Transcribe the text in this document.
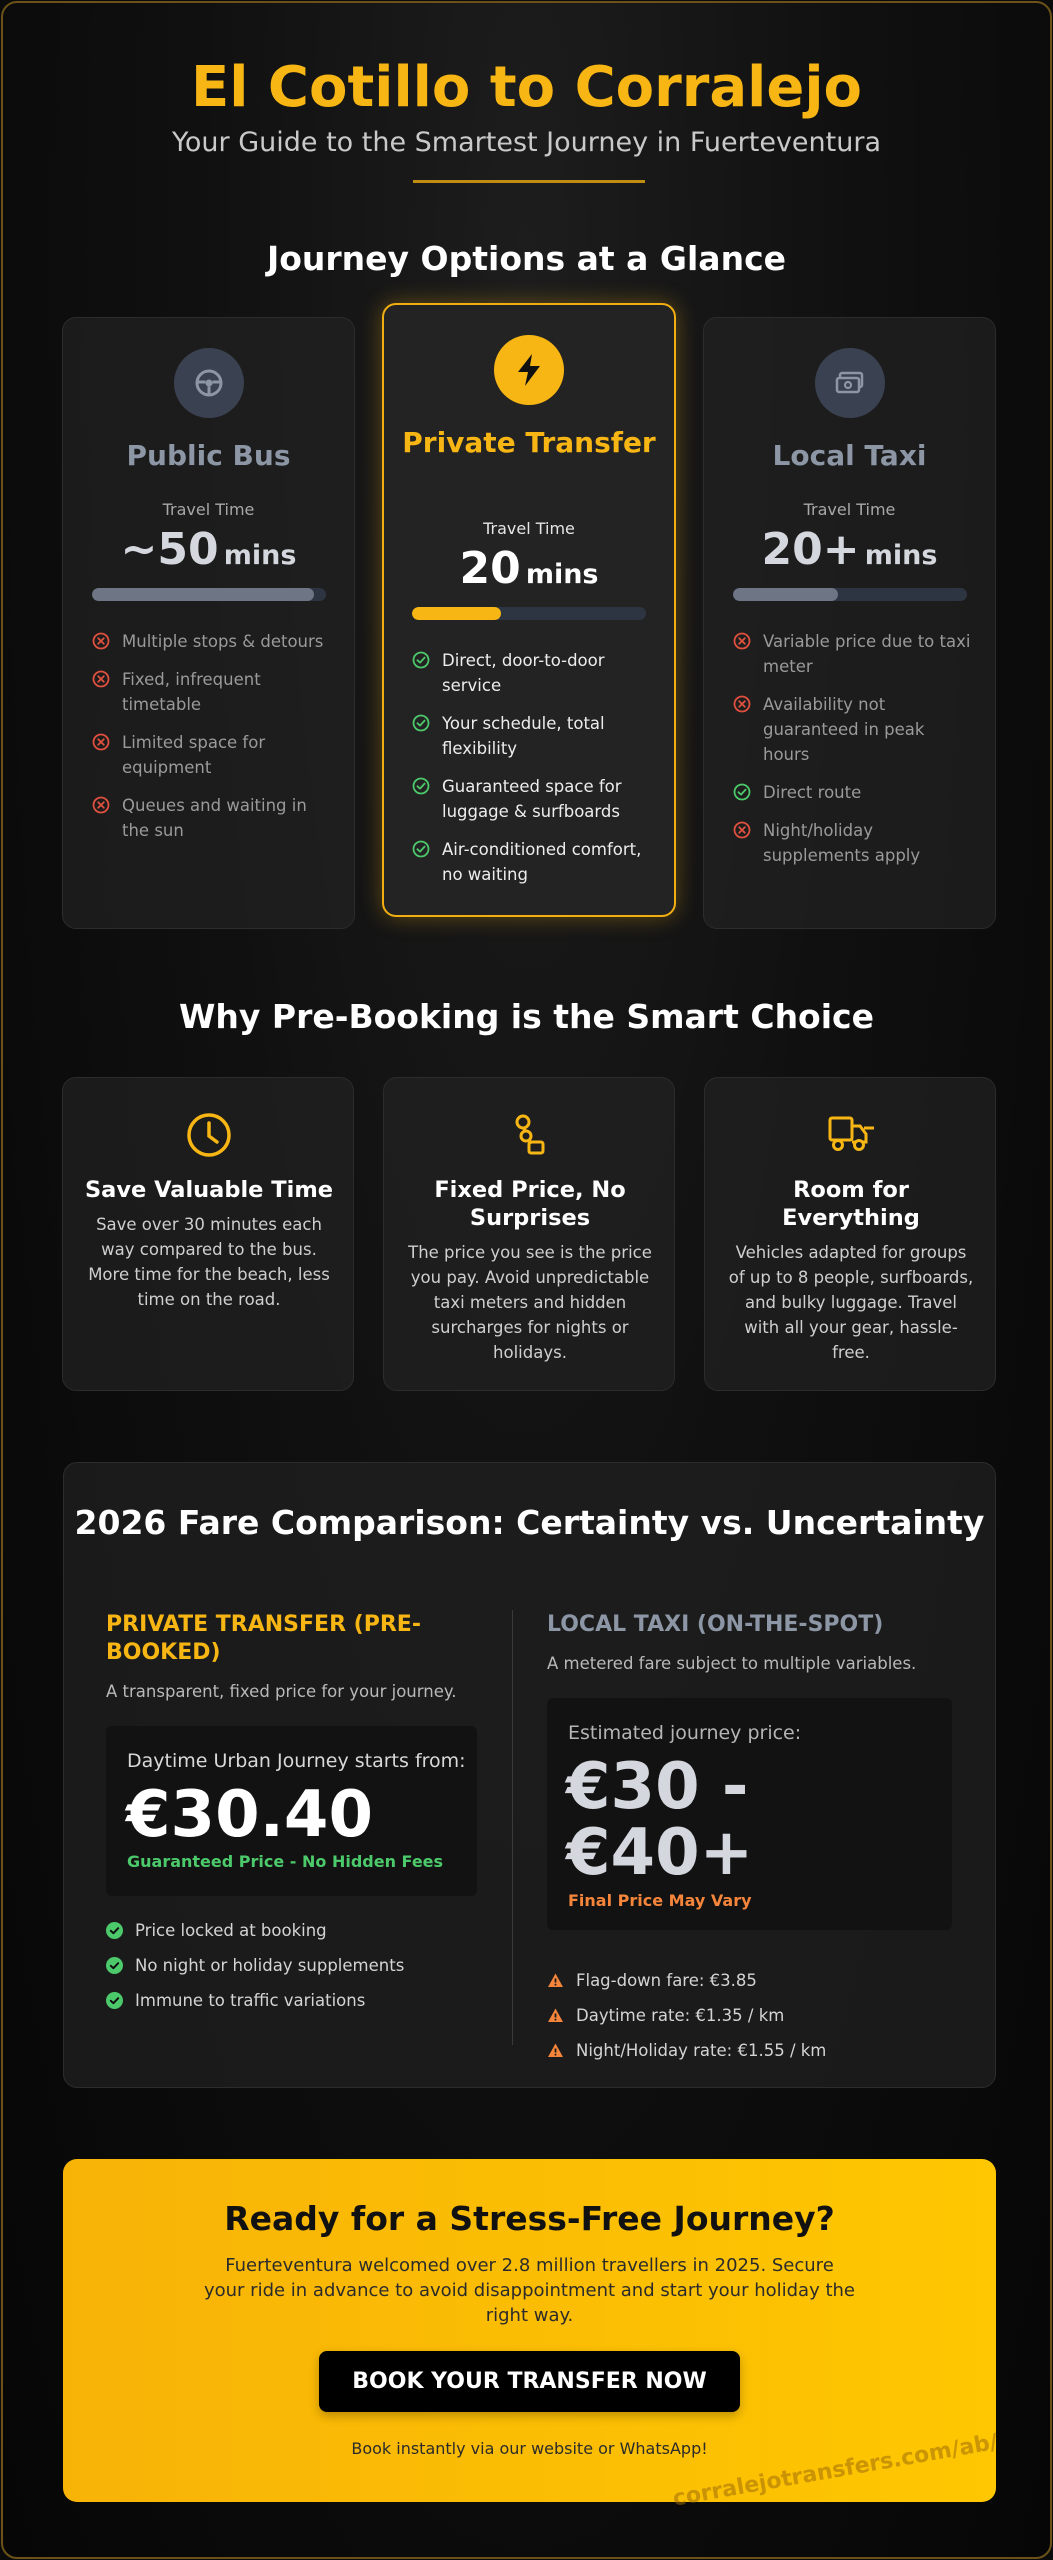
El Cotillo to Corralejo

Your Guide to the Smartest Journey in Fuerteventura

Journey Options at a Glance
Public Bus
Travel Time
~50 mins
Multiple stops & detours
Fixed, infrequent timetable
Limited space for equipment
Queues and waiting in the sun
Private Transfer
Travel Time
20 mins
Direct, door-to-door service
Your schedule, total flexibility
Guaranteed space for luggage & surfboards
Air-conditioned comfort, no waiting
Local Taxi
Travel Time
20+ mins
Variable price due to taxi meter
Availability not guaranteed in peak hours
Direct route
Night/holiday supplements apply
Why Pre-Booking is the Smart Choice
Save Valuable Time
Save over 30 minutes each way compared to the bus. More time for the beach, less time on the road.
Fixed Price, No Surprises
The price you see is the price you pay. Avoid unpredictable taxi meters and hidden surcharges for nights or holidays.
Room for Everything
Vehicles adapted for groups of up to 8 people, surfboards, and bulky luggage. Travel with all your gear, hassle-free.
2026 Fare Comparison: Certainty vs. Uncertainty
PRIVATE TRANSFER (PRE-BOOKED)
A transparent, fixed price for your journey.
Daytime Urban Journey starts from:
€30.40
Guaranteed Price - No Hidden Fees
Price locked at booking
No night or holiday supplements
Immune to traffic variations
LOCAL TAXI (ON-THE-SPOT)
A metered fare subject to multiple variables.
Estimated journey price:
€30 -
€40+
Final Price May Vary
Flag-down fare: €3.85
Daytime rate: €1.35 / km
Night/Holiday rate: €1.55 / km
Ready for a Stress-Free Journey?
Fuerteventura welcomed over 2.8 million travellers in 2025. Secure your ride in advance to avoid disappointment and start your holiday the right way.
BOOK YOUR TRANSFER NOW
Book instantly via our website or WhatsApp!
corralejotransfers.com/ab/
